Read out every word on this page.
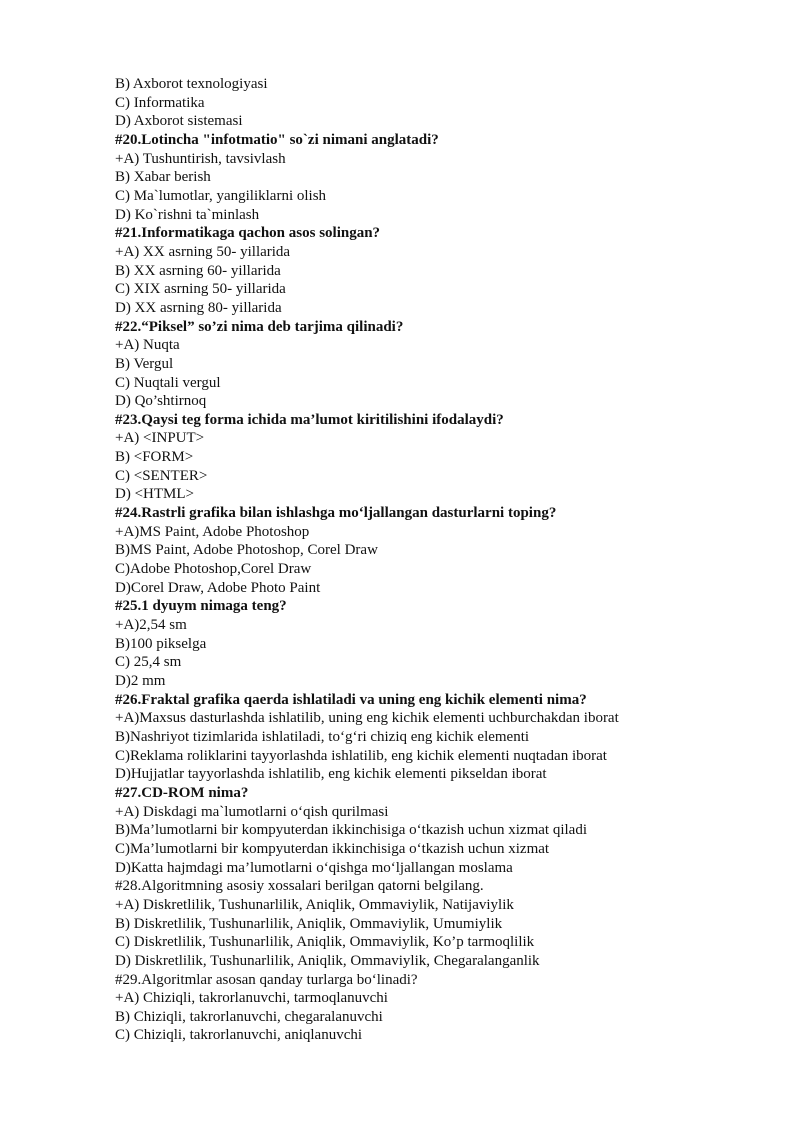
B) Axborot texnologiyasi
C) Informatika
D) Axborot sistemasi
#20.Lotincha "infotmatio" so`zi nimani anglatadi?
+A) Tushuntirish, tavsivlash
B) Xabar berish
C) Ma`lumotlar, yangiliklarni olish
D) Ko`rishni ta`minlash
#21.Informatikaga qachon asos solingan?
+A) XX asrning 50- yillarida
B) XX asrning 60- yillarida
C) XIX asrning 50- yillarida
D) XX asrning 80- yillarida
#22.“Piksel” so’zi nima deb tarjima qilinadi?
+A) Nuqta
B) Vergul
C) Nuqtali vergul
D) Qo’shtirnoq
#23.Qaysi teg forma ichida ma’lumot kiritilishini ifodalaydi?
+A) <INPUT>
B) <FORM>
C) <SENTER>
D) <HTML>
#24.Rastrli grafika bilan ishlashga mo‘ljallangan dasturlarni toping?
+A)MS Paint, Adobe Photoshop
B)MS Paint, Adobe Photoshop, Corel Draw
C)Adobe Photoshop,Corel Draw
D)Corel Draw, Adobe Photo Paint
#25.1 dyuym nimaga teng?
+A)2,54 sm
B)100 pikselga
C) 25,4 sm
D)2 mm
#26.Fraktal grafika qaerda ishlatiladi va uning eng kichik elementi nima?
+A)Maxsus dasturlashda ishlatilib, uning eng kichik elementi uchburchakdan iborat
B)Nashriyot tizimlarida ishlatiladi, to‘g‘ri chiziq eng kichik elementi
C)Reklama roliklarini tayyorlashda ishlatilib, eng kichik elementi nuqtadan iborat
D)Hujjatlar tayyorlashda ishlatilib, eng kichik elementi pikseldan iborat
#27.CD-ROM nima?
+A) Diskdagi ma`lumotlarni o‘qish qurilmasi
B)Ma’lumotlarni bir kompyuterdan ikkinchisiga o‘tkazish uchun xizmat qiladi
C)Ma’lumotlarni bir kompyuterdan ikkinchisiga o‘tkazish uchun xizmat
D)Katta hajmdagi ma’lumotlarni o‘qishga mo‘ljallangan moslama
#28.Algoritmning asosiy xossalari berilgan qatorni belgilang.
+A) Diskretlilik, Tushunarlilik, Aniqlik, Ommaviylik, Natijaviylik
B) Diskretlilik, Tushunarlilik, Aniqlik, Ommaviylik, Umumiylik
C) Diskretlilik, Tushunarlilik, Aniqlik, Ommaviylik, Ko’p tarmoqlilik
D) Diskretlilik, Tushunarlilik, Aniqlik, Ommaviylik, Chegaralanganlik
#29.Algoritmlar asosan qanday turlarga bo‘linadi?
+A) Chiziqli, takrorlanuvchi, tarmoqlanuvchi
B) Chiziqli, takrorlanuvchi, chegaralanuvchi
C) Chiziqli, takrorlanuvchi, aniqlanuvchi
